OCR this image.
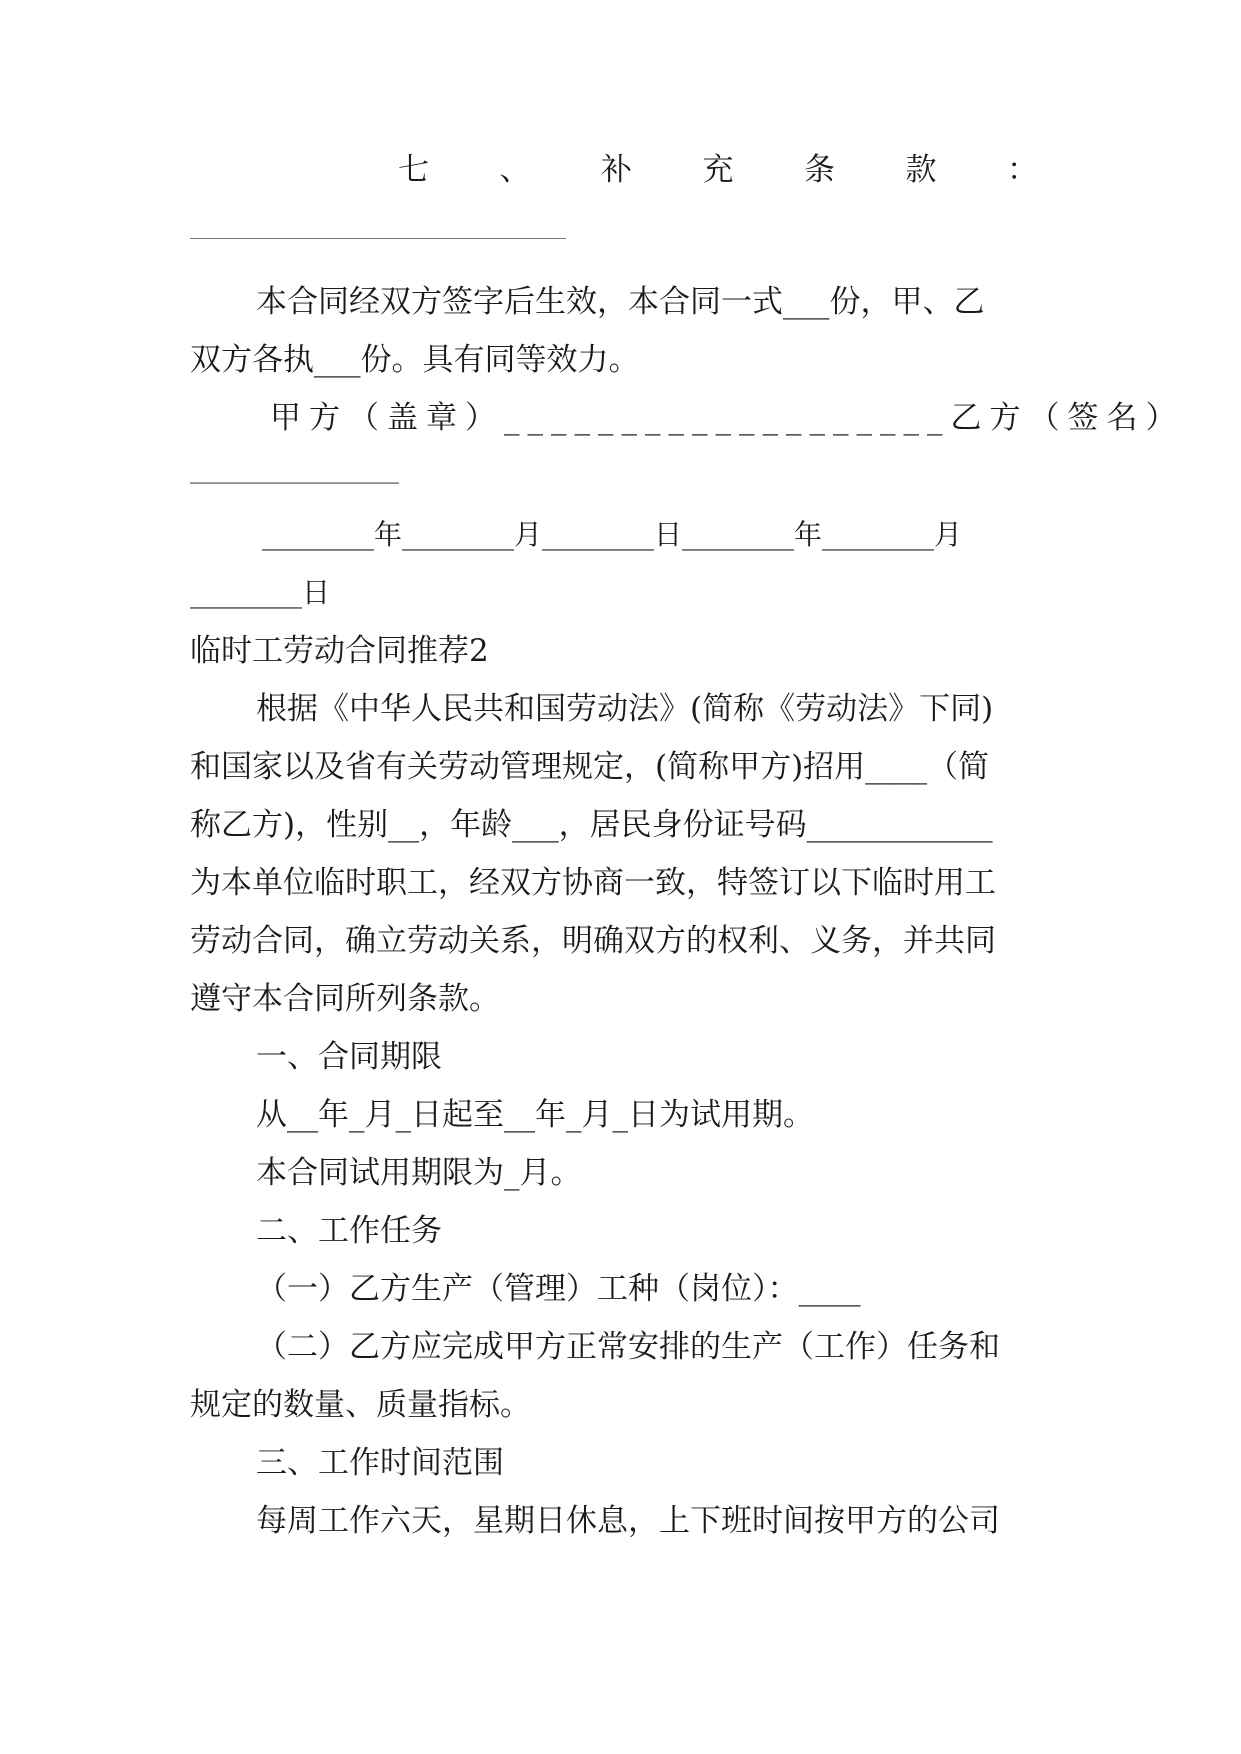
七 、 补 充 条 款 ：
_______________________________________________
本合同经双方签字后生效，本合同一式___份，甲、乙
双方各执___份。具有同等效力。
甲方（盖章）___________________乙方（签名）
___________________
________年________月________日________年________月
________日
临时工劳动合同推荐2
根据《中华人民共和国劳动法》(简称《劳动法》下同)
和国家以及省有关劳动管理规定，(简称甲方)招用____（简
称乙方)，性别__，年龄___，居民身份证号码____________
为本单位临时职工，经双方协商一致，特签订以下临时用工
劳动合同，确立劳动关系，明确双方的权利、义务，并共同
遵守本合同所列条款。
一、合同期限
从__年_月_日起至__年_月_日为试用期。
本合同试用期限为_月。
二、工作任务
（一）乙方生产（管理）工种（岗位）：____
（二）乙方应完成甲方正常安排的生产（工作）任务和
规定的数量、质量指标。
三、工作时间范围
每周工作六天，星期日休息，上下班时间按甲方的公司
